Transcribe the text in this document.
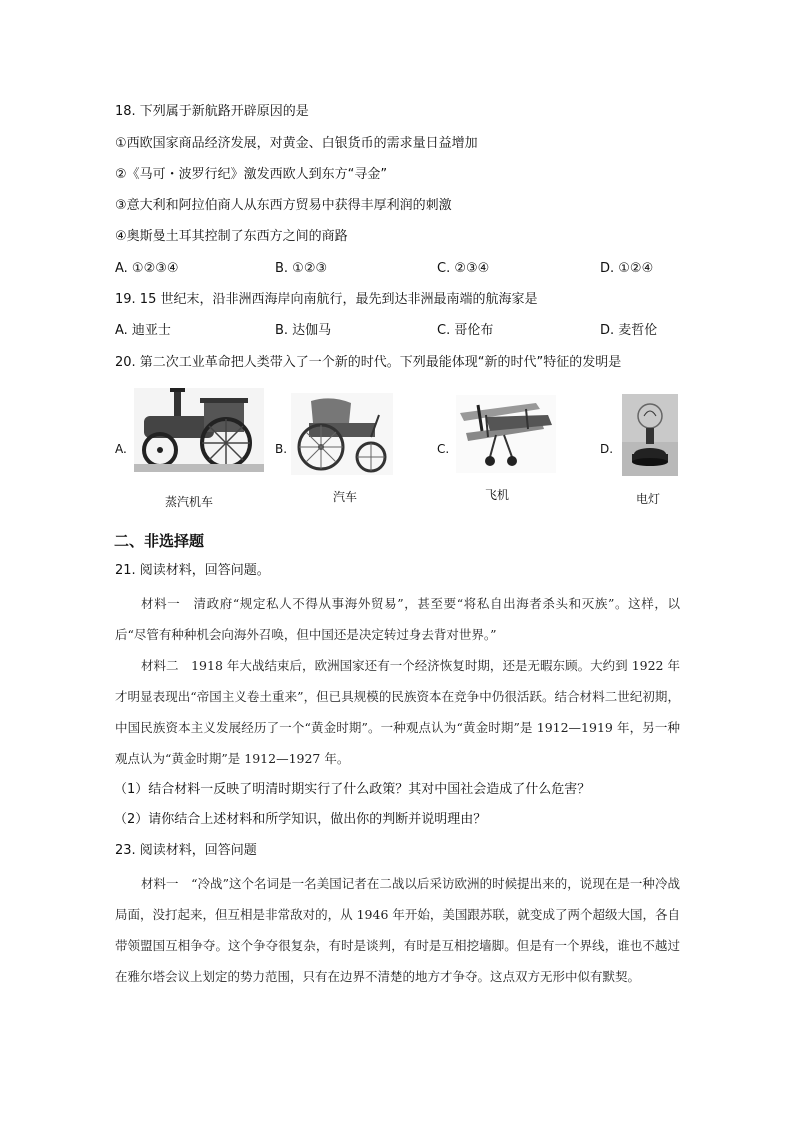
18. 下列属于新航路开辟原因的是
①西欧国家商品经济发展，对黄金、白银货币的需求量日益增加
②《马可・波罗行纪》激发西欧人到东方“寻金”
③意大利和阿拉伯商人从东西方贸易中获得丰厚利润的刺激
④奥斯曼土耳其控制了东西方之间的商路
A. ①②③④	B. ①②③	C. ②③④	D. ①②④
19. 15 世纪末，沿非洲西海岸向南航行，最先到达非洲最南端的航海家是
A. 迪亚士	B. 达伽马	C. 哥伦布	D. 麦哲伦
20. 第二次工业革命把人类带入了一个新的时代。下列最能体现“新的时代”特征的发明是
A.
蒸汽机车
B.
汽车
C.
飞机
D.
电灯
二、非选择题
21. 阅读材料，回答问题。

材料一　清政府“规定私人不得从事海外贸易”，甚至要“将私自出海者杀头和灭族”。这样，以后“尽管有种种机会向海外召唤，但中国还是决定转过身去背对世界。”

材料二　1918 年大战结束后，欧洲国家还有一个经济恢复时期，还是无暇东顾。大约到 1922 年才明显表现出“帝国主义卷土重来”，但已具规模的民族资本在竞争中仍很活跃。结合材料二世纪初期，中国民族资本主义发展经历了一个“黄金时期”。一种观点认为“黄金时期”是 1912—1919 年，另一种观点认为“黄金时期”是 1912—1927 年。

（1）结合材料一反映了明清时期实行了什么政策？其对中国社会造成了什么危害？
（2）请你结合上述材料和所学知识，做出你的判断并说明理由？
23. 阅读材料，回答问题

材料一　“冷战”这个名词是一名美国记者在二战以后采访欧洲的时候提出来的，说现在是一种冷战局面，没打起来，但互相是非常敌对的，从 1946 年开始，美国跟苏联，就变成了两个超级大国，各自带领盟国互相争夺。这个争夺很复杂，有时是谈判，有时是互相挖墙脚。但是有一个界线，谁也不越过在雅尔塔会议上划定的势力范围，只有在边界不清楚的地方才争夺。这点双方无形中似有默契。
